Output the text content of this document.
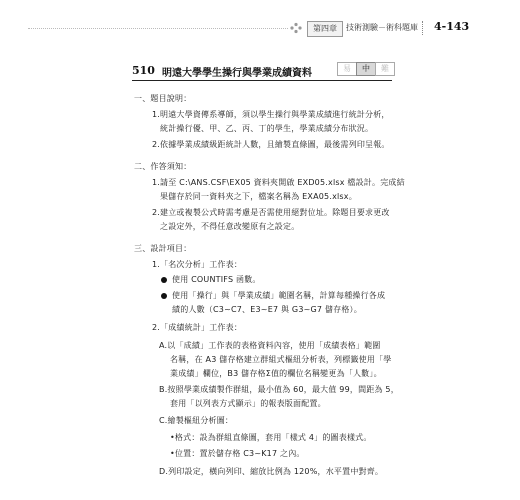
第四章	技術測驗－術科題庫	4-143
510 明遠大學學生操行與學業成績資料	易	中	難
一、題目說明：
1.明遠大學資傳系導師，須以學生操行與學業成績進行統計分析，
統計操行優、甲、乙、丙、丁的學生，學業成績分布狀況。
2.依據學業成績級距統計人數，且繪製直條圖，最後需列印呈報。
二、作答須知：
1.請至 C:\ANS.CSF\EX05 資料夾開啟 EXD05.xlsx 檔設計。完成結
果儲存於同一資料夾之下，檔案名稱為 EXA05.xlsx。
2.建立或複製公式時需考慮是否需使用絕對位址。除題目要求更改
之設定外，不得任意改變原有之設定。
三、設計項目：
1.「名次分析」工作表：
使用 COUNTIFS 函數。
使用「操行」與「學業成績」範圍名稱，計算每種操行各成
績的人數（C3~C7、E3~E7 與 G3~G7 儲存格）。
2.「成績統計」工作表：
A.以「成績」工作表的表格資料內容，使用「成績表格」範圍
名稱，在 A3 儲存格建立群組式樞紐分析表，列標籤使用「學
業成績」欄位，B3 儲存格Σ值的欄位名稱變更為「人數」。
B.按照學業成績製作群組，最小值為 60，最大值 99，間距為 5，
套用「以列表方式顯示」的報表版面配置。
C.繪製樞紐分析圖：
•格式：設為群組直條圖，套用「樣式 4」的圖表樣式。
•位置：置於儲存格 C3~K17 之內。
D.列印設定，橫向列印、縮放比例為 120%，水平置中對齊。
